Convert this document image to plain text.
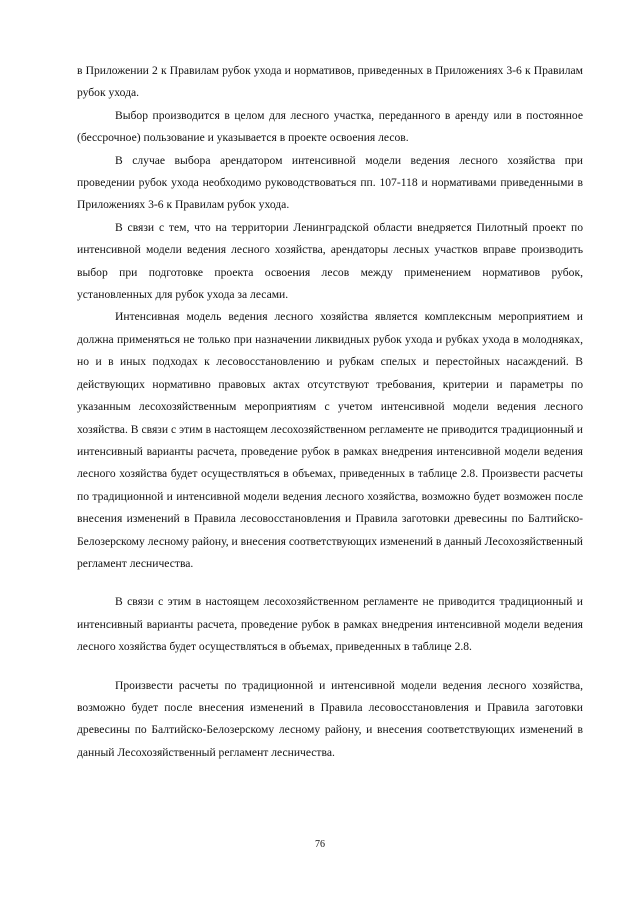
в Приложении 2 к Правилам рубок ухода и нормативов, приведенных в Приложениях 3-6 к Правилам рубок ухода.

Выбор производится в целом для лесного участка, переданного в аренду или в постоянное (бессрочное) пользование и указывается в проекте освоения лесов.

В случае выбора арендатором интенсивной модели ведения лесного хозяйства при проведении рубок ухода необходимо руководствоваться пп. 107-118 и нормативами приведенными в Приложениях 3-6 к Правилам рубок ухода.

В связи с тем, что на территории Ленинградской области внедряется Пилотный проект по интенсивной модели ведения лесного хозяйства, арендаторы лесных участков вправе производить выбор при подготовке проекта освоения лесов между применением нормативов рубок, установленных для рубок ухода за лесами.

Интенсивная модель ведения лесного хозяйства является комплексным мероприятием и должна применяться не только при назначении ликвидных рубок ухода и рубках ухода в молодняках, но и в иных подходах к лесовосстановлению и рубкам спелых и перестойных насаждений. В действующих нормативно правовых актах отсутствуют требования, критерии и параметры по указанным лесохозяйственным мероприятиям с учетом интенсивной модели ведения лесного хозяйства. В связи с этим в настоящем лесохозяйственном регламенте не приводится традиционный и интенсивный варианты расчета, проведение рубок в рамках внедрения интенсивной модели ведения лесного хозяйства будет осуществляться в объемах, приведенных в таблице 2.8. Произвести расчеты по традиционной и интенсивной модели ведения лесного хозяйства, возможно будет возможен после внесения изменений в Правила лесовосстановления и Правила заготовки древесины по Балтийско-Белозерскому лесному району, и внесения соответствующих изменений в данный Лесохозяйственный регламент лесничества.

В связи с этим в настоящем лесохозяйственном регламенте не приводится традиционный и интенсивный варианты расчета, проведение рубок в рамках внедрения интенсивной модели ведения лесного хозяйства будет осуществляться в объемах, приведенных в таблице 2.8.

Произвести расчеты по традиционной и интенсивной модели ведения лесного хозяйства, возможно будет после внесения изменений в Правила лесовосстановления и Правила заготовки древесины по Балтийско-Белозерскому лесному району, и внесения соответствующих изменений в данный Лесохозяйственный регламент лесничества.

76
